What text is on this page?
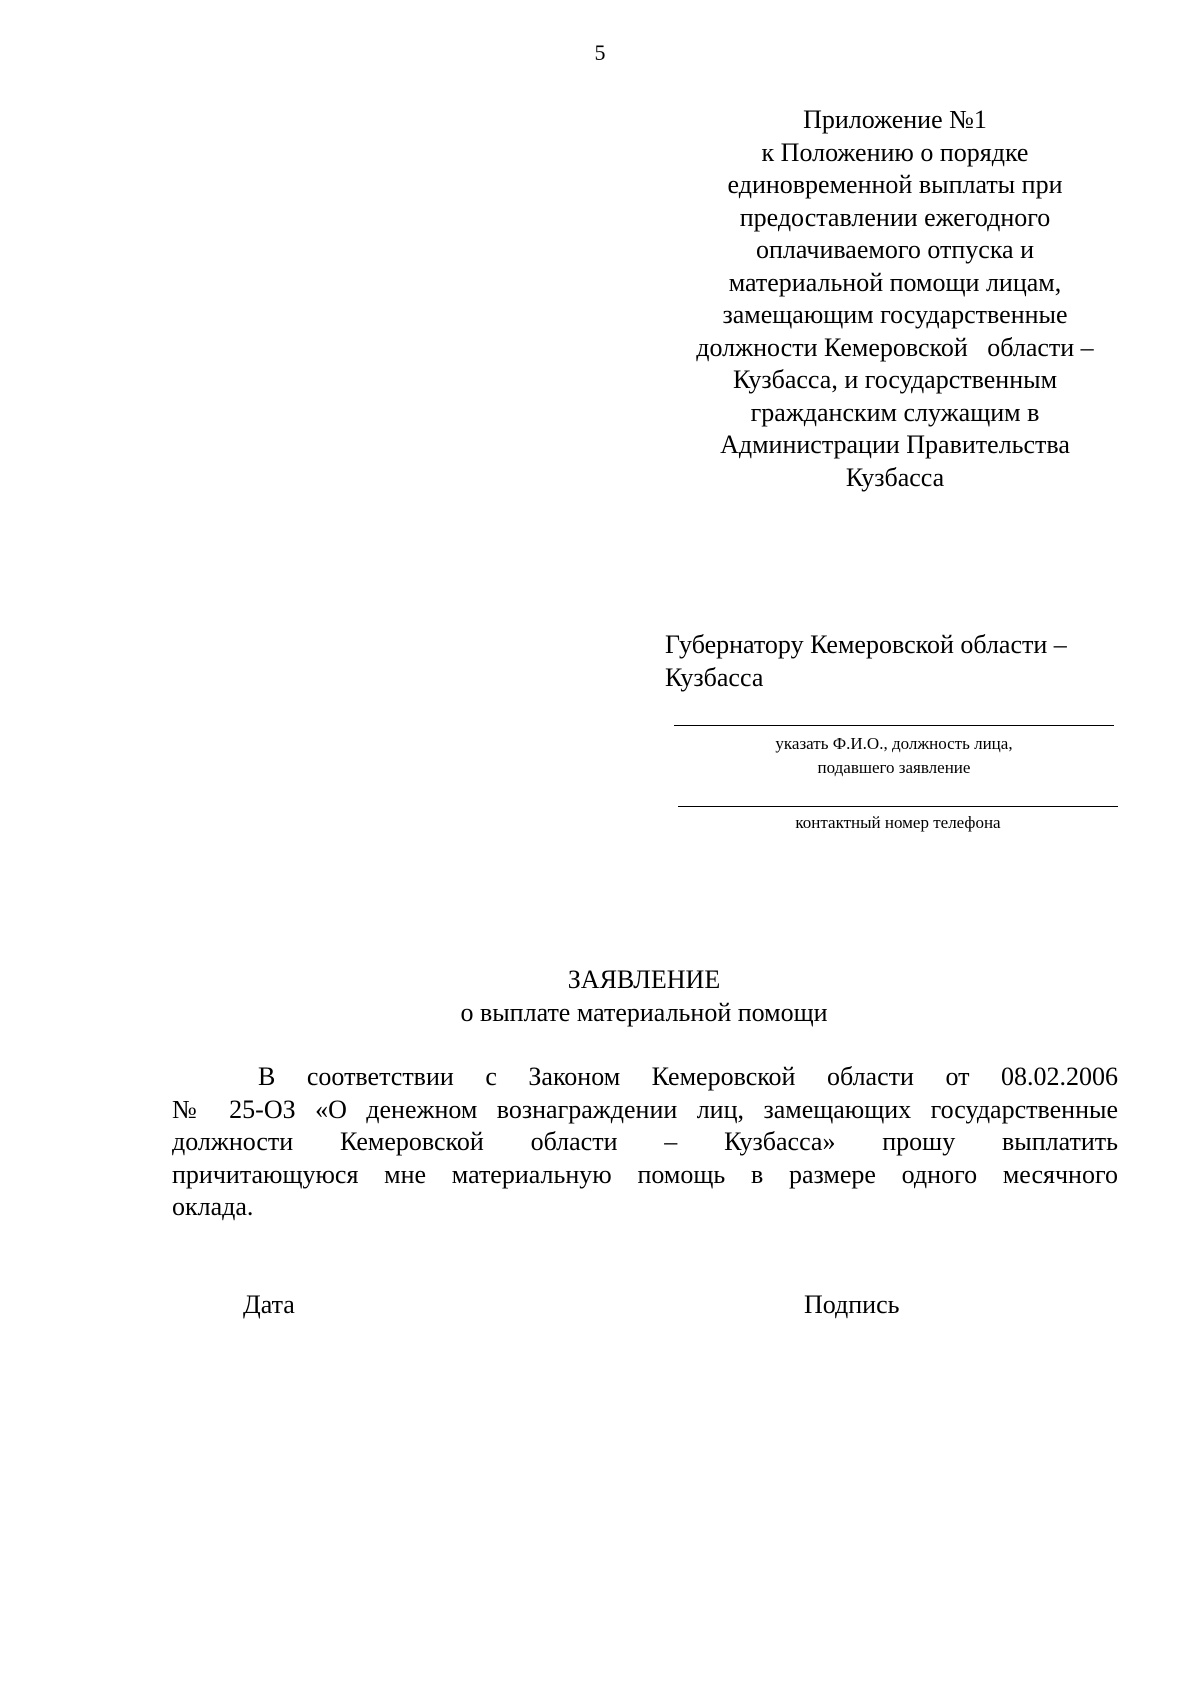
5
Приложение №1
к Положению о порядке
единовременной выплаты при
предоставлении ежегодного
оплачиваемого отпуска и
материальной помощи лицам,
замещающим государственные
должности Кемеровской   области –
Кузбасса, и государственным
гражданским служащим в
Администрации Правительства
Кузбасса
Губернатору Кемеровской области –
Кузбасса
указать Ф.И.О., должность лица,
подавшего заявление
контактный номер телефона
ЗАЯВЛЕНИЕ
о выплате материальной помощи
В соответствии с Законом Кемеровской области от 08.02.2006
№ 25-ОЗ «О денежном вознаграждении лиц, замещающих государственные
должности Кемеровской области – Кузбасса» прошу выплатить
причитающуюся мне материальную помощь в размере одного месячного
оклада.
Дата	Подпись
